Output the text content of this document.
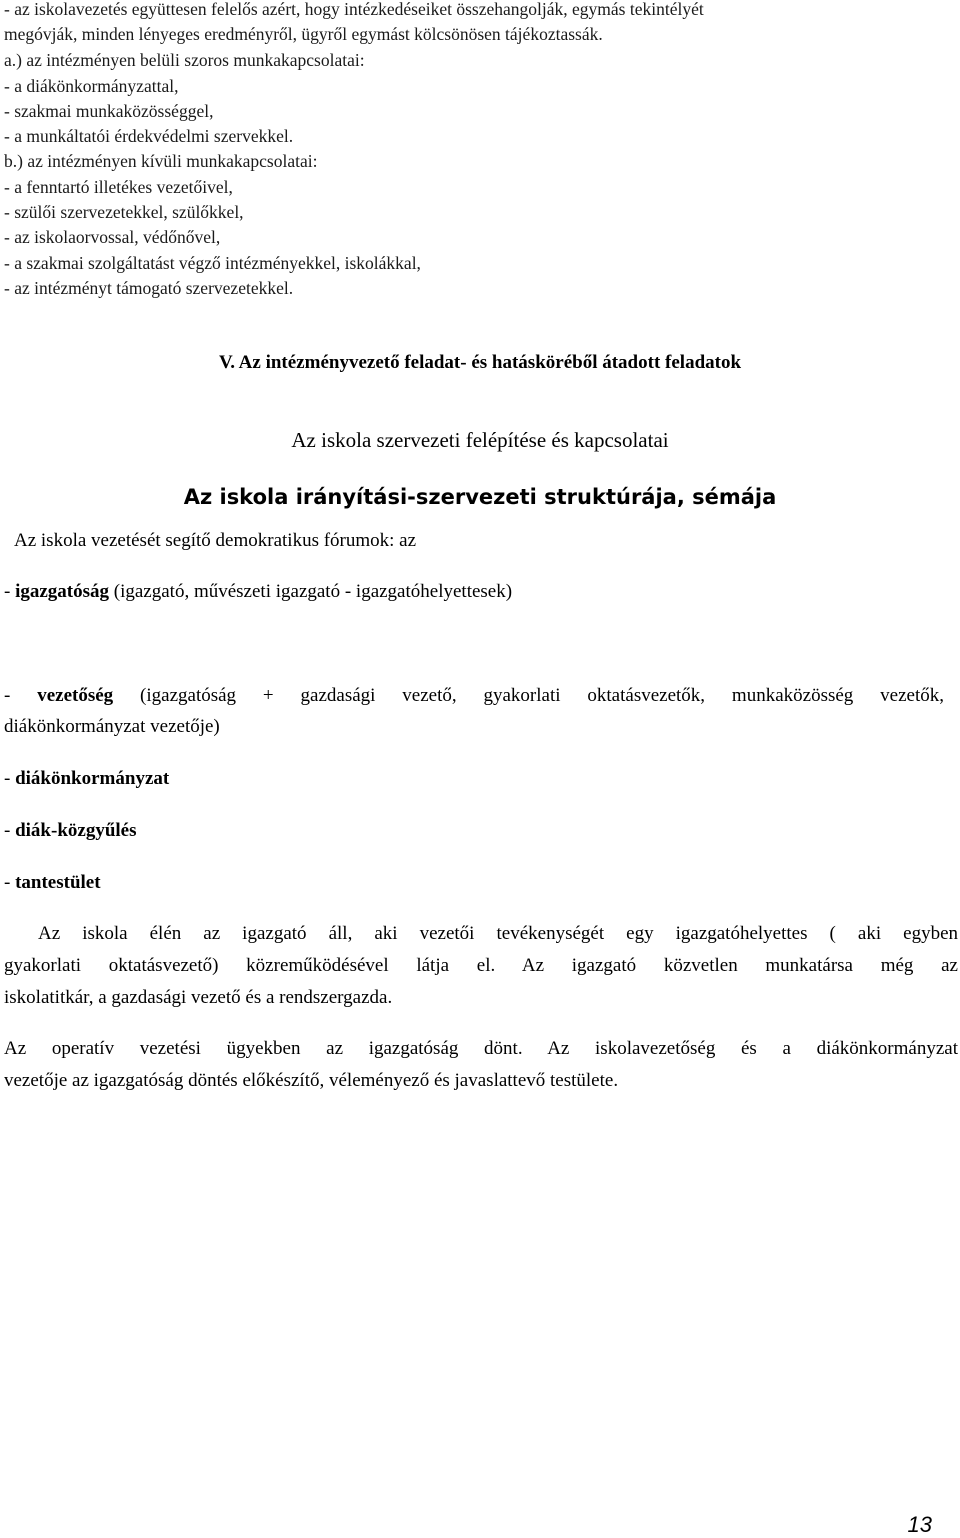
- az iskolavezetés együttesen felelős azért, hogy intézkedéseiket összehangolják, egymás tekintélyét
megóvják, minden lényeges eredményről, ügyről egymást kölcsönösen tájékoztassák.
a.) az intézményen belüli szoros munkakapcsolatai:
- a diákönkormányzattal,
- szakmai munkaközösséggel,
- a munkáltatói érdekvédelmi szervekkel.
b.) az intézményen kívüli munkakapcsolatai:
- a fenntartó illetékes vezetőivel,
- szülői szervezetekkel, szülőkkel,
- az iskolaorvossal, védőnővel,
- a szakmai szolgáltatást végző intézményekkel, iskolákkal,
- az intézményt támogató szervezetekkel.
V. Az intézményvezető feladat- és hatásköréből átadott feladatok
Az iskola szervezeti felépítése és kapcsolatai
Az iskola irányítási-szervezeti struktúrája, sémája
Az iskola vezetését segítő demokratikus fórumok: az
- igazgatóság (igazgató, művészeti igazgató - igazgatóhelyettesek)
- vezetőség (igazgatóság + gazdasági vezető, gyakorlati oktatásvezetők, munkaközösség vezetők,
diákönkormányzat vezetője)
- diákönkormányzat
- diák-közgyűlés
- tantestület
Az iskola élén az igazgató áll, aki vezetői tevékenységét egy igazgatóhelyettes ( aki egyben
gyakorlati oktatásvezető) közreműködésével látja el. Az igazgató közvetlen munkatársa még az
iskolatitkár, a gazdasági vezető és a rendszergazda.
Az operatív vezetési ügyekben az igazgatóság dönt. Az iskolavezetőség és a diákönkormányzat
vezetője az igazgatóság döntés előkészítő, véleményező és javaslattevő testülete.
13
